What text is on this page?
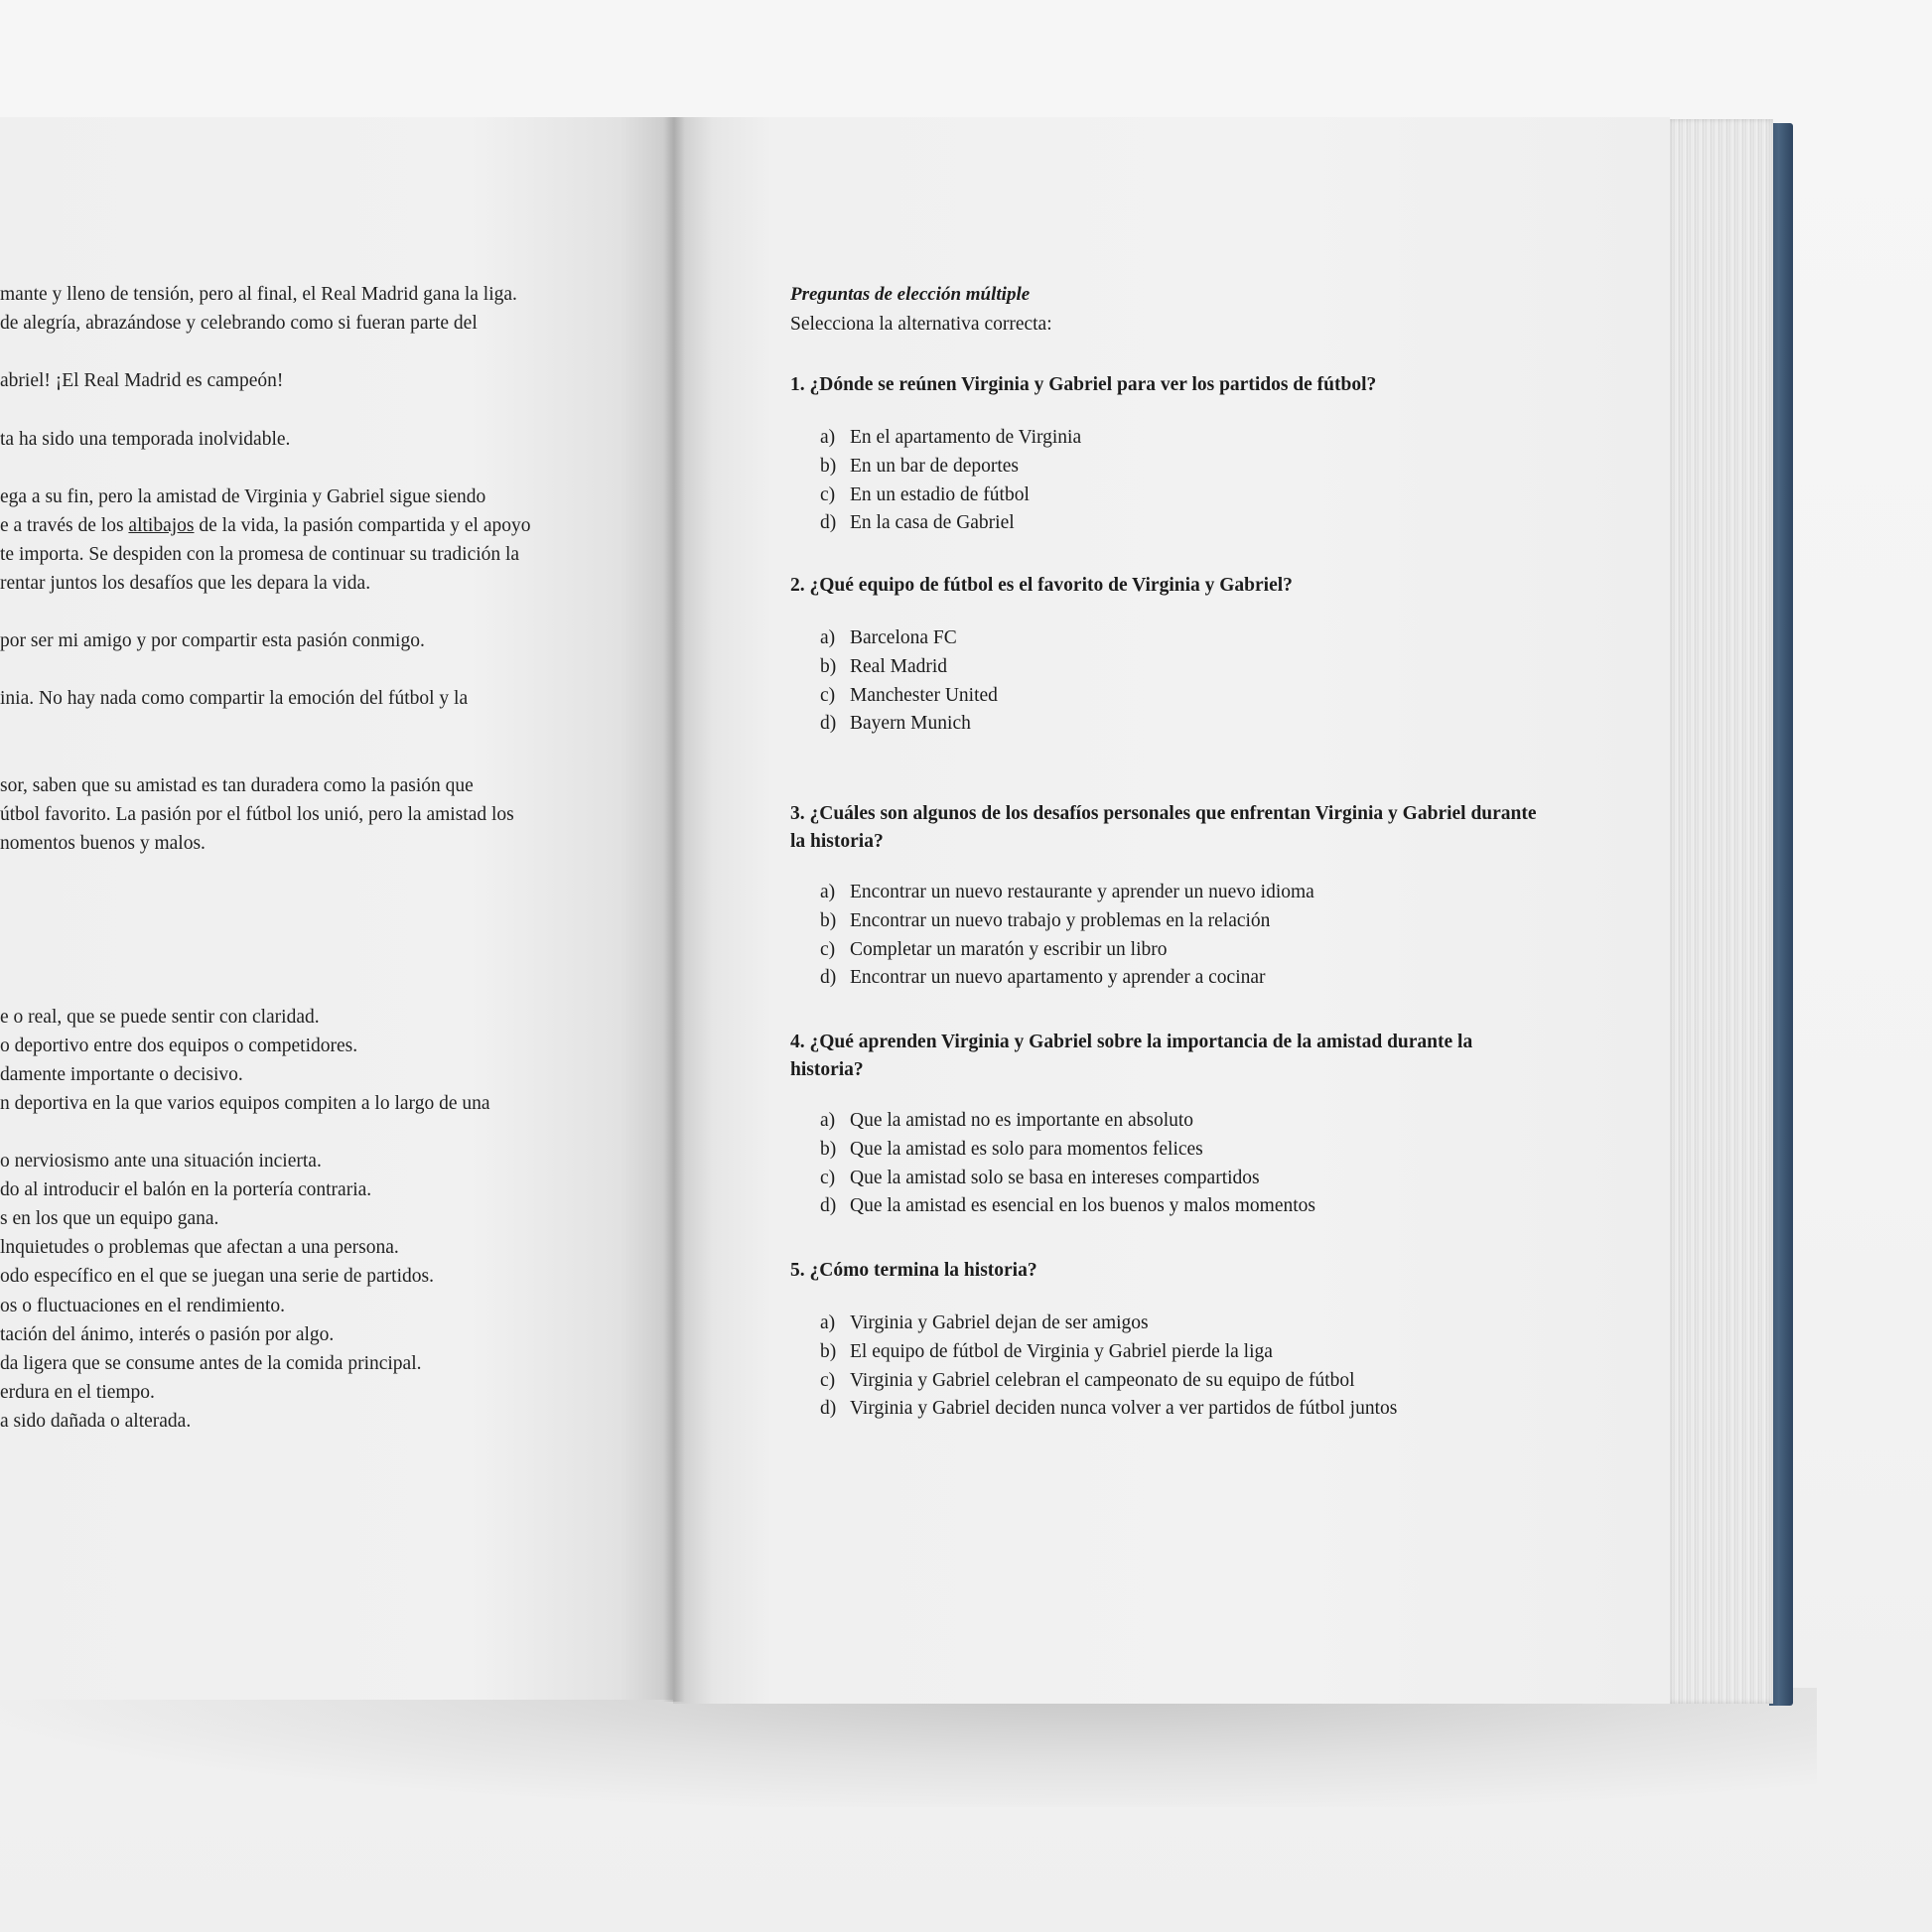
mante y lleno de tensión, pero al final, el Real Madrid gana la liga.
de alegría, abrazándose y celebrando como si fueran parte del
abriel! ¡El Real Madrid es campeón!
ta ha sido una temporada inolvidable.
ega a su fin, pero la amistad de Virginia y Gabriel sigue siendo
e a través de los altibajos de la vida, la pasión compartida y el apoyo
te importa. Se despiden con la promesa de continuar su tradición la
rentar juntos los desafíos que les depara la vida.
por ser mi amigo y por compartir esta pasión conmigo.
inia. No hay nada como compartir la emoción del fútbol y la
sor, saben que su amistad es tan duradera como la pasión que
útbol favorito. La pasión por el fútbol los unió, pero la amistad los
nomentos buenos y malos.
e o real, que se puede sentir con claridad.
o deportivo entre dos equipos o competidores.
damente importante o decisivo.
n deportiva en la que varios equipos compiten a lo largo de una
o nerviosismo ante una situación incierta.
do al introducir el balón en la portería contraria.
s en los que un equipo gana.
lnquietudes o problemas que afectan a una persona.
odo específico en el que se juegan una serie de partidos.
os o fluctuaciones en el rendimiento.
tación del ánimo, interés o pasión por algo.
da ligera que se consume antes de la comida principal.
erdura en el tiempo.
a sido dañada o alterada.
Preguntas de elección múltiple
Selecciona la alternativa correcta:
1. ¿Dónde se reúnen Virginia y Gabriel para ver los partidos de fútbol?
a) En el apartamento de Virginia
b) En un bar de deportes
c) En un estadio de fútbol
d) En la casa de Gabriel
2. ¿Qué equipo de fútbol es el favorito de Virginia y Gabriel?
a) Barcelona FC
b) Real Madrid
c) Manchester United
d) Bayern Munich
3. ¿Cuáles son algunos de los desafíos personales que enfrentan Virginia y Gabriel durante la historia?
a) Encontrar un nuevo restaurante y aprender un nuevo idioma
b) Encontrar un nuevo trabajo y problemas en la relación
c) Completar un maratón y escribir un libro
d) Encontrar un nuevo apartamento y aprender a cocinar
4. ¿Qué aprenden Virginia y Gabriel sobre la importancia de la amistad durante la historia?
a) Que la amistad no es importante en absoluto
b) Que la amistad es solo para momentos felices
c) Que la amistad solo se basa en intereses compartidos
d) Que la amistad es esencial en los buenos y malos momentos
5. ¿Cómo termina la historia?
a) Virginia y Gabriel dejan de ser amigos
b) El equipo de fútbol de Virginia y Gabriel pierde la liga
c) Virginia y Gabriel celebran el campeonato de su equipo de fútbol
d) Virginia y Gabriel deciden nunca volver a ver partidos de fútbol juntos
